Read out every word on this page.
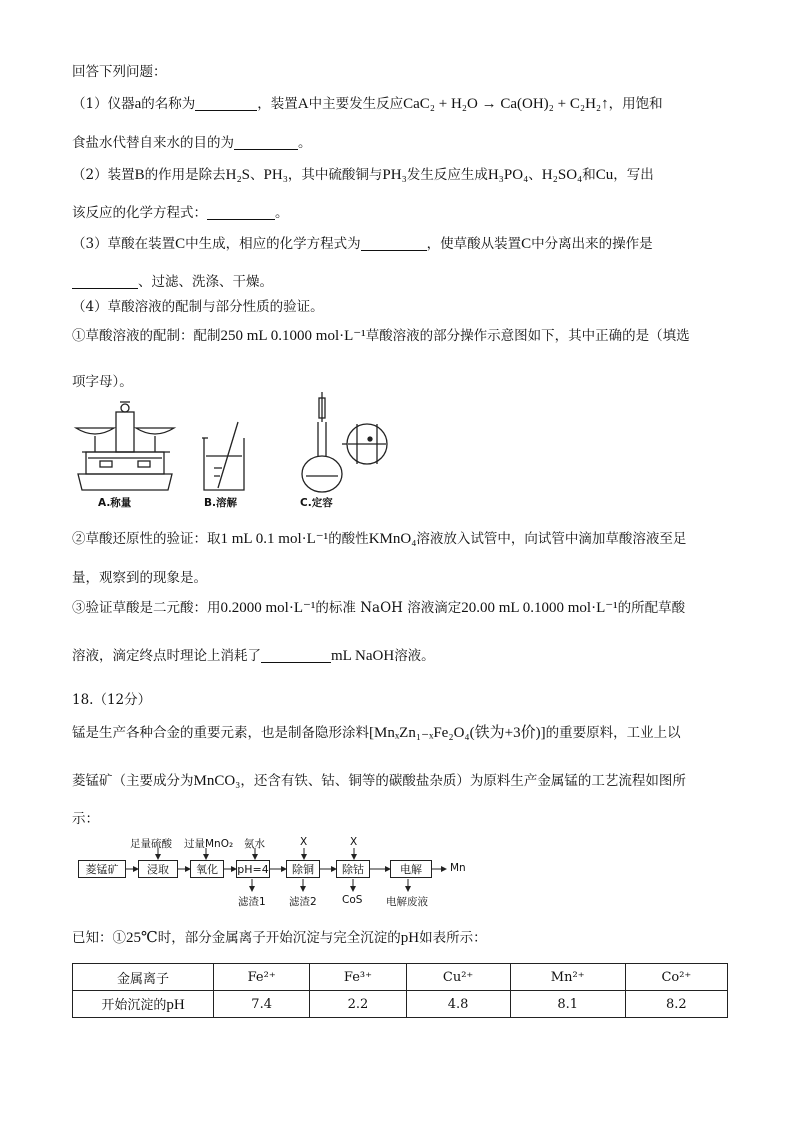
回答下列问题：
（1）仪器a的名称为	，装置A中主要发生反应CaC₂ + H₂O → Ca(OH)₂ + C₂H₂↑，用饱和
食盐水代替自来水的目的为	。
（2）装置B的作用是除去H₂S、PH₃，其中硫酸铜与PH₃发生反应生成H₃PO₄、H₂SO₄和Cu，写出
该反应的化学方程式：	。
（3）草酸在装置C中生成，相应的化学方程式为	，使草酸从装置C中分离出来的操作是
、过滤、洗涤、干燥。
（4）草酸溶液的配制与部分性质的验证。
①草酸溶液的配制：配制250 mL 0.1000 mol·L⁻¹草酸溶液的部分操作示意图如下，其中正确的是（填选
项字母）。
A.称量	B.溶解	C.定容
②草酸还原性的验证：取1 mL 0.1 mol·L⁻¹的酸性KMnO₄溶液放入试管中，向试管中滴加草酸溶液至足
量，观察到的现象是。
③验证草酸是二元酸：用0.2000 mol·L⁻¹的标准 NaOH 溶液滴定20.00 mL 0.1000 mol·L⁻¹的所配草酸
溶液，滴定终点时理论上消耗了	mL NaOH溶液。
18.（12分）
锰是生产各种合金的重要元素，也是制备隐形涂料[MnₓZn₁₋ₓFe₂O₄(铁为+3价)]的重要原料，工业上以
菱锰矿（主要成分为MnCO₃，还含有铁、钴、铜等的碳酸盐杂质）为原料生产金属锰的工艺流程如图所
示：
菱锰矿	浸取	氧化	pH=4	除铜	除钴	电解	Mn
足量硫酸 过量MnO₂ 氨水	X	X
滤渣1 滤渣2 CoS 电解废液
已知：①25℃时，部分金属离子开始沉淀与完全沉淀的pH如表所示：
金属离子	Fe²⁺	Fe³⁺	Cu²⁺	Mn²⁺	Co²⁺
开始沉淀的pH	7.4	2.2	4.8	8.1	8.2
